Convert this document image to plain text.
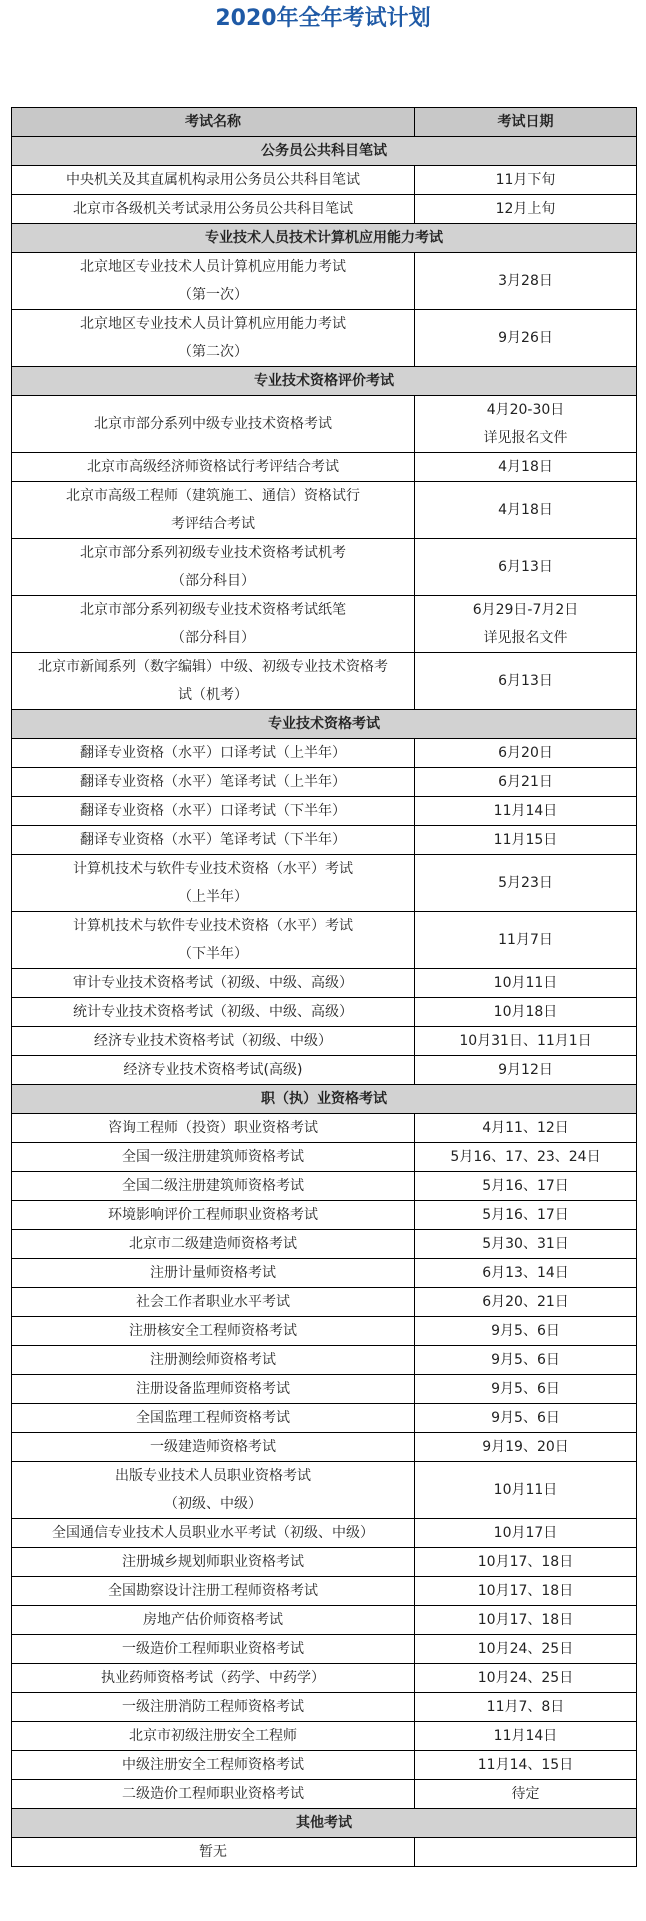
2020年全年考试计划
考试名称	考试日期
公务员公共科目笔试	
中央机关及其直属机构录用公务员公共科目笔试	11月下旬
北京市各级机关考试录用公务员公共科目笔试	12月上旬
专业技术人员技术计算机应用能力考试	
北京地区专业技术人员计算机应用能力考试
（第一次）	3月28日
北京地区专业技术人员计算机应用能力考试
（第二次）	9月26日
专业技术资格评价考试	
北京市部分系列中级专业技术资格考试	4月20-30日
详见报名文件
北京市高级经济师资格试行考评结合考试	4月18日
北京市高级工程师（建筑施工、通信）资格试行
考评结合考试	4月18日
北京市部分系列初级专业技术资格考试机考
（部分科目）	6月13日
北京市部分系列初级专业技术资格考试纸笔
（部分科目）	6月29日-7月2日
详见报名文件
北京市新闻系列（数字编辑）中级、初级专业技术资格考
试（机考）	6月13日
专业技术资格考试	
翻译专业资格（水平）口译考试（上半年）	6月20日
翻译专业资格（水平）笔译考试（上半年）	6月21日
翻译专业资格（水平）口译考试（下半年）	11月14日
翻译专业资格（水平）笔译考试（下半年）	11月15日
计算机技术与软件专业技术资格（水平）考试
（上半年）	5月23日
计算机技术与软件专业技术资格（水平）考试
（下半年）	11月7日
审计专业技术资格考试（初级、中级、高级）	10月11日
统计专业技术资格考试（初级、中级、高级）	10月18日
经济专业技术资格考试（初级、中级）	10月31日、11月1日
经济专业技术资格考试(高级)	9月12日
职（执）业资格考试	
咨询工程师（投资）职业资格考试	4月11、12日
全国一级注册建筑师资格考试	5月16、17、23、24日
全国二级注册建筑师资格考试	5月16、17日
环境影响评价工程师职业资格考试	5月16、17日
北京市二级建造师资格考试	5月30、31日
注册计量师资格考试	6月13、14日
社会工作者职业水平考试	6月20、21日
注册核安全工程师资格考试	9月5、6日
注册测绘师资格考试	9月5、6日
注册设备监理师资格考试	9月5、6日
全国监理工程师资格考试	9月5、6日
一级建造师资格考试	9月19、20日
出版专业技术人员职业资格考试
（初级、中级）	10月11日
全国通信专业技术人员职业水平考试（初级、中级）	10月17日
注册城乡规划师职业资格考试	10月17、18日
全国勘察设计注册工程师资格考试	10月17、18日
房地产估价师资格考试	10月17、18日
一级造价工程师职业资格考试	10月24、25日
执业药师资格考试（药学、中药学）	10月24、25日
一级注册消防工程师资格考试	11月7、8日
北京市初级注册安全工程师	11月14日
中级注册安全工程师资格考试	11月14、15日
二级造价工程师职业资格考试	待定
其他考试	
暂无	
